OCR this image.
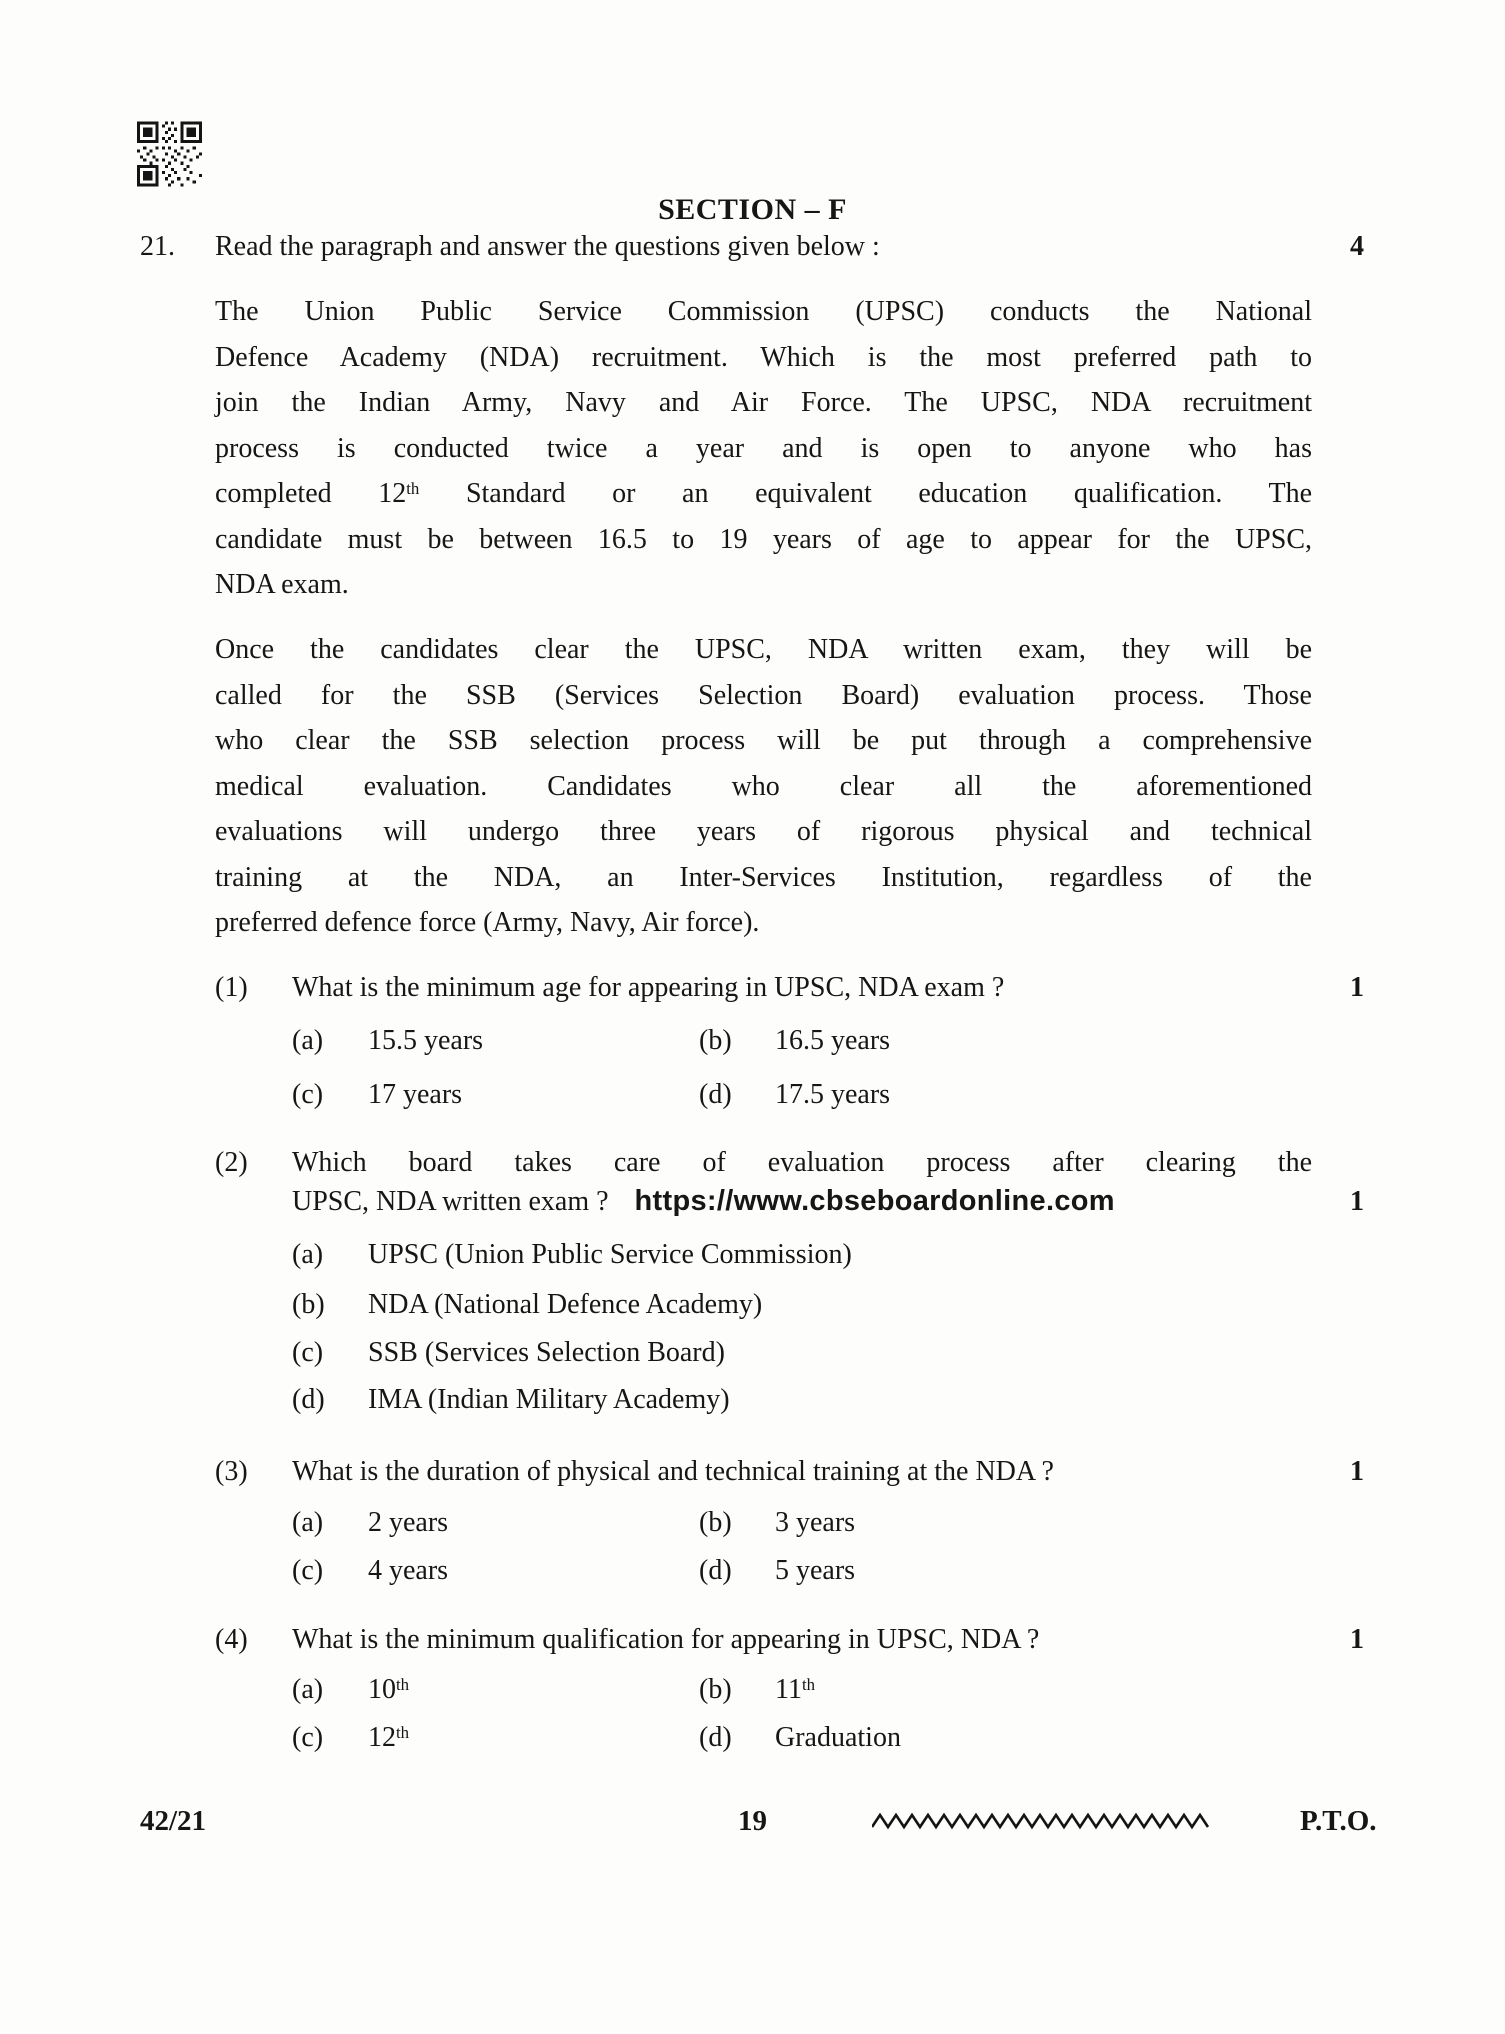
SECTION – F
21. Read the paragraph and answer the questions given below :	4
The Union Public Service Commission (UPSC) conducts the National
Defence Academy (NDA) recruitment. Which is the most preferred path to
join the Indian Army, Navy and Air Force. The UPSC, NDA recruitment
process is conducted twice a year and is open to anyone who has
completed 12th Standard or an equivalent education qualification. The
candidate must be between 16.5 to 19 years of age to appear for the UPSC,
NDA exam.
Once the candidates clear the UPSC, NDA written exam, they will be
called for the SSB (Services Selection Board) evaluation process. Those
who clear the SSB selection process will be put through a comprehensive
medical evaluation. Candidates who clear all the aforementioned
evaluations will undergo three years of rigorous physical and technical
training at the NDA, an Inter-Services Institution, regardless of the
preferred defence force (Army, Navy, Air force).
(1) What is the minimum age for appearing in UPSC, NDA exam ?	1
(a)	15.5 years	(b)	16.5 years
(c)	17 years	(d)	17.5 years
(2) Which board takes care of evaluation process after clearing the
UPSC, NDA written exam ? https://www.cbseboardonline.com	1
(a)	UPSC (Union Public Service Commission)
(b)	NDA (National Defence Academy)
(c)	SSB (Services Selection Board)
(d)	IMA (Indian Military Academy)
(3) What is the duration of physical and technical training at the NDA ?	1
(a)	2 years	(b)	3 years
(c)	4 years	(d)	5 years
(4) What is the minimum qualification for appearing in UPSC, NDA ?	1
(a)	10th	(b)	11th
(c)	12th	(d)	Graduation
42/21	19	P.T.O.
